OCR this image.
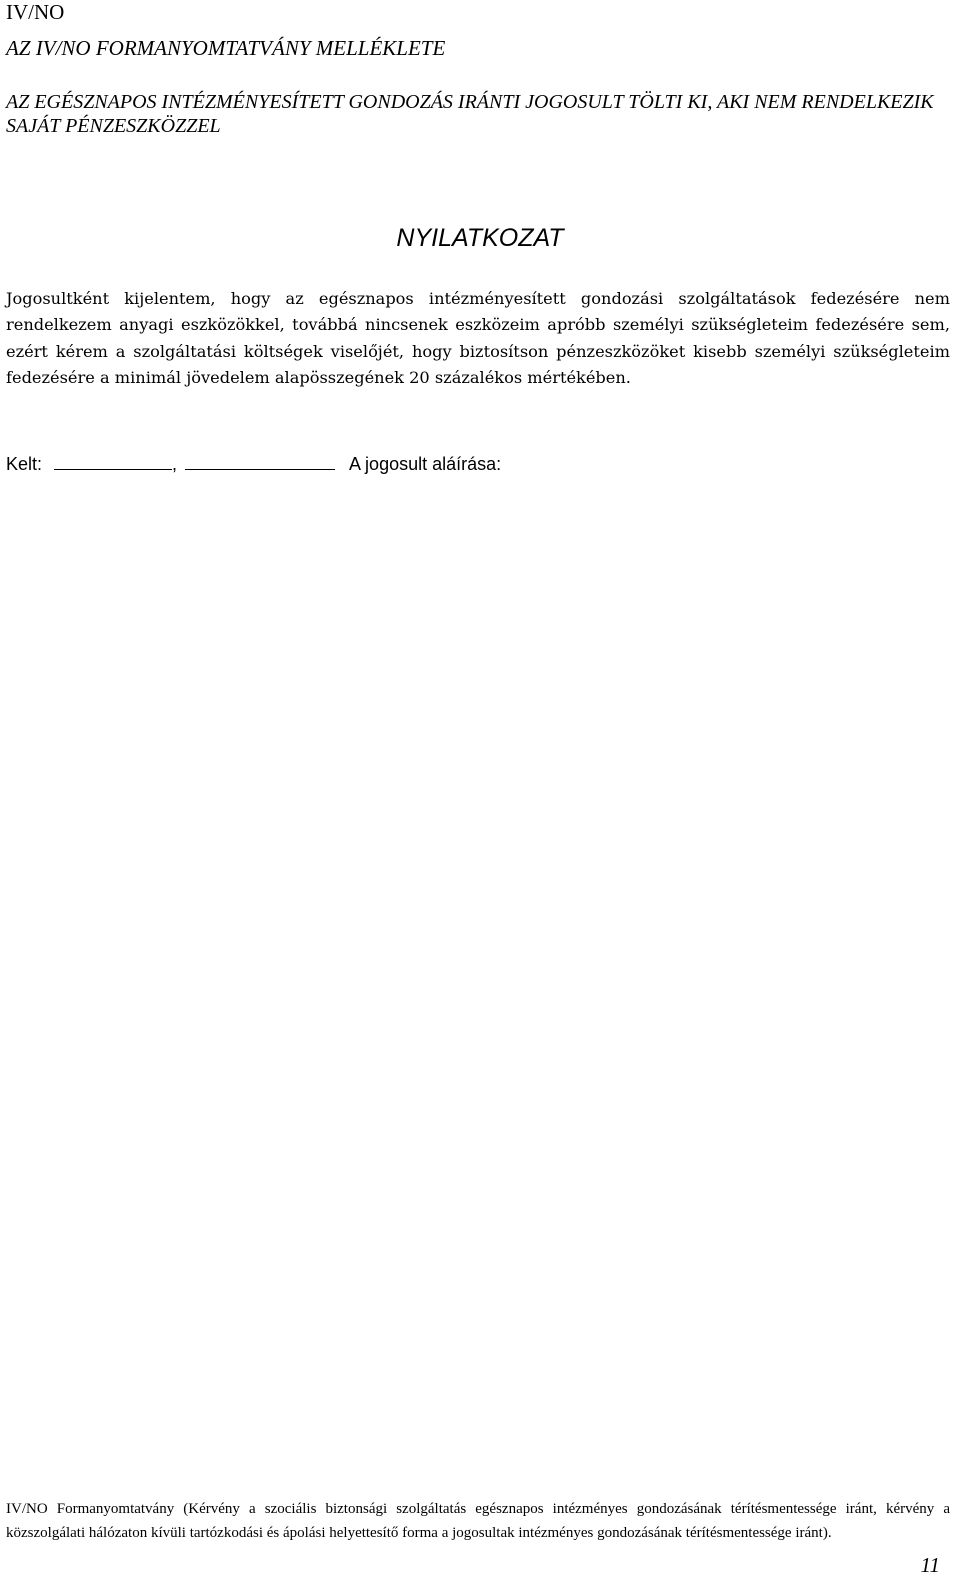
IV/NO
AZ IV/NO FORMANYOMTATVÁNY MELLÉKLETE
AZ EGÉSZNAPOS INTÉZMÉNYESÍTETT GONDOZÁS IRÁNTI JOGOSULT TÖLTI KI, AKI NEM RENDELKEZIK SAJÁT PÉNZESZKÖZZEL
NYILATKOZAT

Jogosultként kijelentem, hogy az egésznapos intézményesített gondozási szolgáltatások fedezésére nem rendelkezem anyagi eszközökkel, továbbá nincsenek eszközeim apróbb személyi szükségleteim fedezésére sem, ezért kérem a szolgáltatási költségek viselőjét, hogy biztosítson pénzeszközöket kisebb személyi szükségleteim fedezésére a minimál jövedelem alapösszegének 20 százalékos mértékében.

Kelt:	,	A jogosult aláírása:
IV/NO Formanyomtatvány (Kérvény a szociális biztonsági szolgáltatás egésznapos intézményes gondozásának térítésmentessége iránt, kérvény a közszolgálati hálózaton kívüli tartózkodási és ápolási helyettesítő forma a jogosultak intézményes gondozásának térítésmentessége iránt).
11
